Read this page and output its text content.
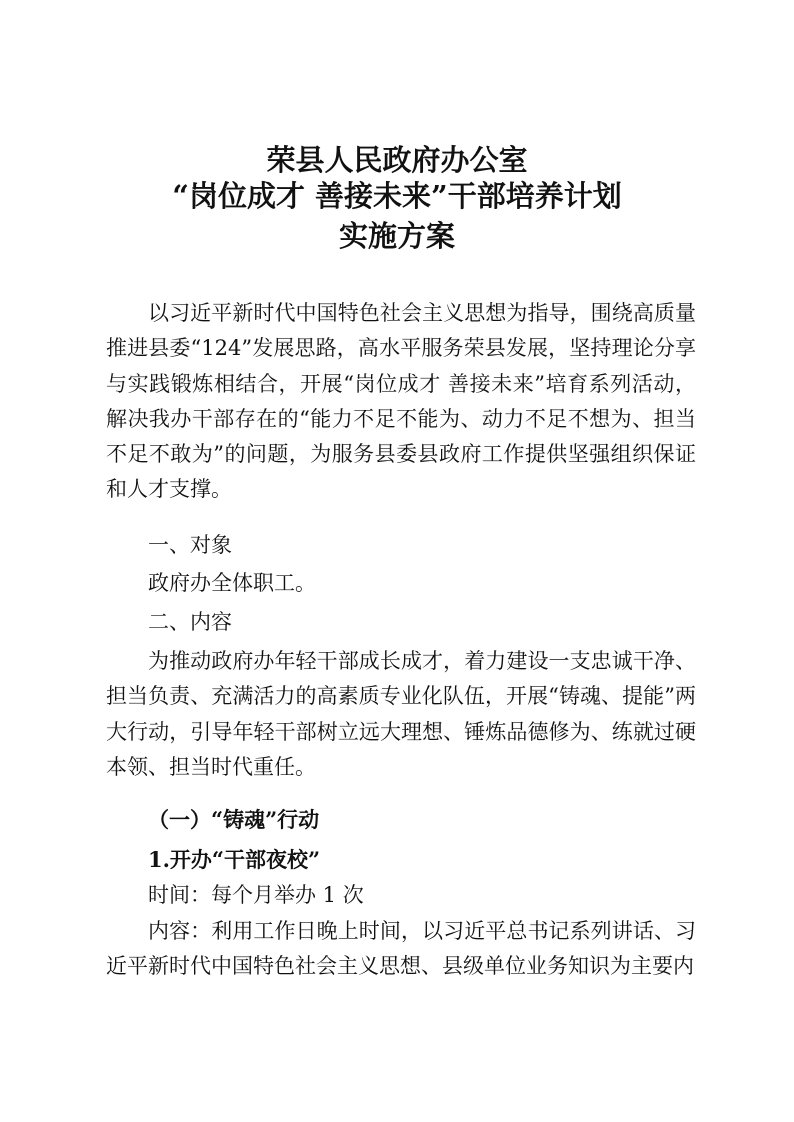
荣县人民政府办公室
“岗位成才 善接未来”干部培养计划
实施方案

以习近平新时代中国特色社会主义思想为指导，围绕高质量推进县委“124”发展思路，高水平服务荣县发展，坚持理论分享与实践锻炼相结合，开展“岗位成才 善接未来”培育系列活动，解决我办干部存在的“能力不足不能为、动力不足不想为、担当不足不敢为”的问题，为服务县委县政府工作提供坚强组织保证和人才支撑。

一、对象

政府办全体职工。

二、内容

为推动政府办年轻干部成长成才，着力建设一支忠诚干净、担当负责、充满活力的高素质专业化队伍，开展“铸魂、提能”两大行动，引导年轻干部树立远大理想、锤炼品德修为、练就过硬本领、担当时代重任。

（一）“铸魂”行动

1.开办“干部夜校”

时间：每个月举办 1 次

内容：利用工作日晚上时间，以习近平总书记系列讲话、习近平新时代中国特色社会主义思想、县级单位业务知识为主要内
